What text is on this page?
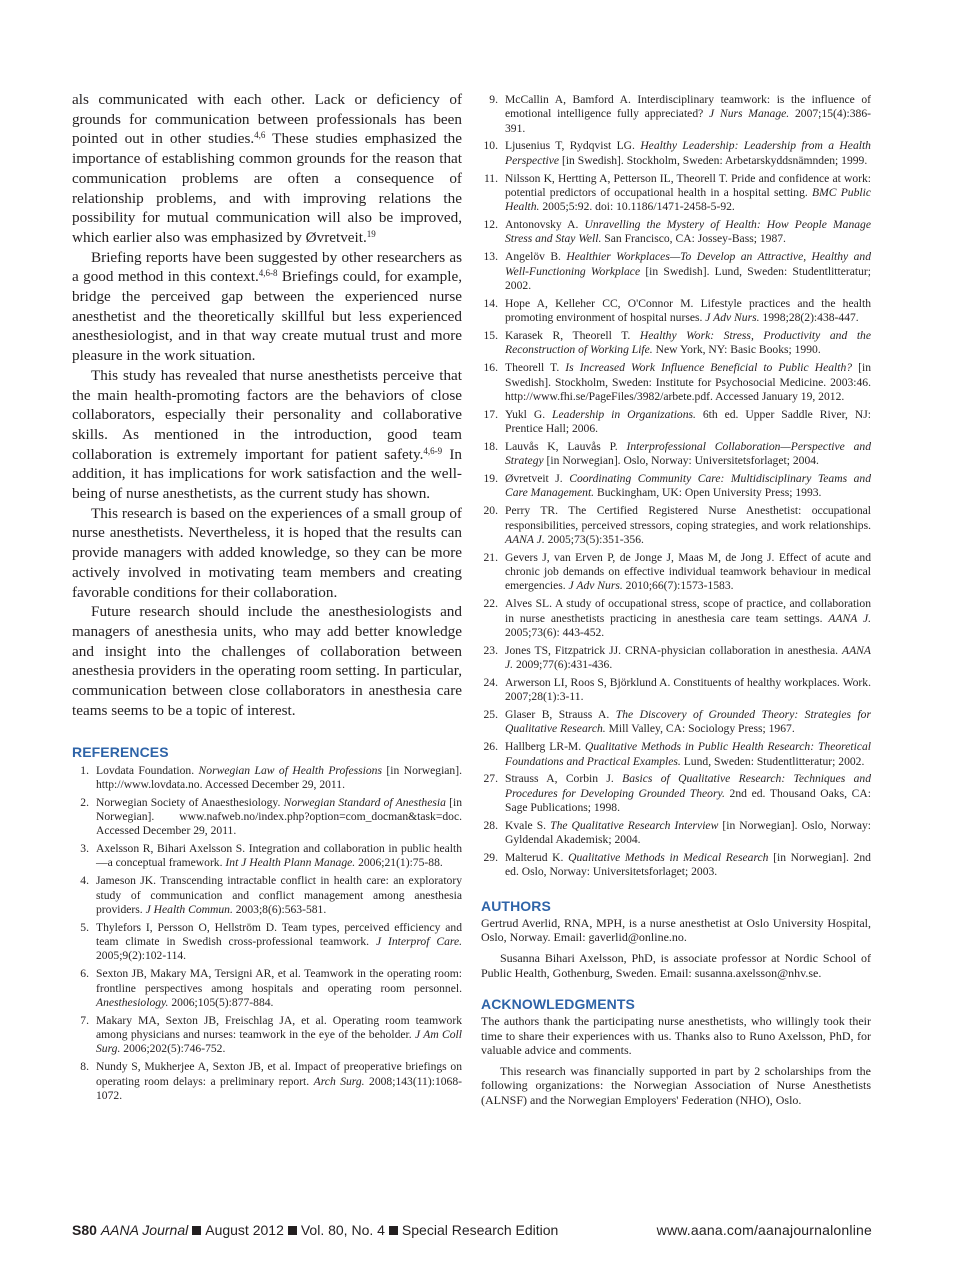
als communicated with each other. Lack or deficiency of grounds for communication between professionals has been pointed out in other studies.$^{4,6}$ These studies emphasized the importance of establishing common grounds for the reason that communication problems are often a consequence of relationship problems, and with improving relations the possibility for mutual communication will also be improved, which earlier also was emphasized by Øvretveit.$^{19}$

Briefing reports have been suggested by other researchers as a good method in this context.$^{4,6-8}$ Briefings could, for example, bridge the perceived gap between the experienced nurse anesthetist and the theoretically skillful but less experienced anesthesiologist, and in that way create mutual trust and more pleasure in the work situation.

This study has revealed that nurse anesthetists perceive that the main health-promoting factors are the behaviors of close collaborators, especially their personality and collaborative skills. As mentioned in the introduction, good team collaboration is extremely important for patient safety.$^{4,6-9}$ In addition, it has implications for work satisfaction and the well-being of nurse anesthetists, as the current study has shown.

This research is based on the experiences of a small group of nurse anesthetists. Nevertheless, it is hoped that the results can provide managers with added knowledge, so they can be more actively involved in motivating team members and creating favorable conditions for their collaboration.

Future research should include the anesthesiologists and managers of anesthesia units, who may add better knowledge and insight into the challenges of collaboration between anesthesia providers in the operating room setting. In particular, communication between close collaborators in anesthesia care teams seems to be a topic of interest.

REFERENCES
1. Lovdata Foundation. Norwegian Law of Health Professions [in Norwegian]. http://www.lovdata.no. Accessed December 29, 2011.
2. Norwegian Society of Anaesthesiology. Norwegian Standard of Anesthesia [in Norwegian]. www.nafweb.no/index.php?option=com_docman&task=doc. Accessed December 29, 2011.
3. Axelsson R, Bihari Axelsson S. Integration and collaboration in public health—a conceptual framework. Int J Health Plann Manage. 2006;21(1):75-88.
4. Jameson JK. Transcending intractable conflict in health care: an exploratory study of communication and conflict management among anesthesia providers. J Health Commun. 2003;8(6):563-581.
5. Thylefors I, Persson O, Hellström D. Team types, perceived efficiency and team climate in Swedish cross-professional teamwork. J Interprof Care. 2005;9(2):102-114.
6. Sexton JB, Makary MA, Tersigni AR, et al. Teamwork in the operating room: frontline perspectives among hospitals and operating room personnel. Anesthesiology. 2006;105(5):877-884.
7. Makary MA, Sexton JB, Freischlag JA, et al. Operating room teamwork among physicians and nurses: teamwork in the eye of the beholder. J Am Coll Surg. 2006;202(5):746-752.
8. Nundy S, Mukherjee A, Sexton JB, et al. Impact of preoperative briefings on operating room delays: a preliminary report. Arch Surg. 2008;143(11):1068-1072.
9. McCallin A, Bamford A. Interdisciplinary teamwork: is the influence of emotional intelligence fully appreciated? J Nurs Manage. 2007;15(4):386-391.
10. Ljusenius T, Rydqvist LG. Healthy Leadership: Leadership from a Health Perspective [in Swedish]. Stockholm, Sweden: Arbetarskyddsnämnden; 1999.
11. Nilsson K, Hertting A, Petterson IL, Theorell T. Pride and confidence at work: potential predictors of occupational health in a hospital setting. BMC Public Health. 2005;5:92. doi: 10.1186/1471-2458-5-92.
12. Antonovsky A. Unravelling the Mystery of Health: How People Manage Stress and Stay Well. San Francisco, CA: Jossey-Bass; 1987.
13. Angelöv B. Healthier Workplaces—To Develop an Attractive, Healthy and Well-Functioning Workplace [in Swedish]. Lund, Sweden: Studentlitteratur; 2002.
14. Hope A, Kelleher CC, O'Connor M. Lifestyle practices and the health promoting environment of hospital nurses. J Adv Nurs. 1998;28(2):438-447.
15. Karasek R, Theorell T. Healthy Work: Stress, Productivity and the Reconstruction of Working Life. New York, NY: Basic Books; 1990.
16. Theorell T. Is Increased Work Influence Beneficial to Public Health? [in Swedish]. Stockholm, Sweden: Institute for Psychosocial Medicine. 2003:46. http://www.fhi.se/PageFiles/3982/arbete.pdf. Accessed January 19, 2012.
17. Yukl G. Leadership in Organizations. 6th ed. Upper Saddle River, NJ: Prentice Hall; 2006.
18. Lauvås K, Lauvås P. Interprofessional Collaboration—Perspective and Strategy [in Norwegian]. Oslo, Norway: Universitetsforlaget; 2004.
19. Øvretveit J. Coordinating Community Care: Multidisciplinary Teams and Care Management. Buckingham, UK: Open University Press; 1993.
20. Perry TR. The Certified Registered Nurse Anesthetist: occupational responsibilities, perceived stressors, coping strategies, and work relationships. AANA J. 2005;73(5):351-356.
21. Gevers J, van Erven P, de Jonge J, Maas M, de Jong J. Effect of acute and chronic job demands on effective individual teamwork behaviour in medical emergencies. J Adv Nurs. 2010;66(7):1573-1583.
22. Alves SL. A study of occupational stress, scope of practice, and collaboration in nurse anesthetists practicing in anesthesia care team settings. AANA J. 2005;73(6): 443-452.
23. Jones TS, Fitzpatrick JJ. CRNA-physician collaboration in anesthesia. AANA J. 2009;77(6):431-436.
24. Arwerson LI, Roos S, Björklund A. Constituents of healthy workplaces. Work. 2007;28(1):3-11.
25. Glaser B, Strauss A. The Discovery of Grounded Theory: Strategies for Qualitative Research. Mill Valley, CA: Sociology Press; 1967.
26. Hallberg LR-M. Qualitative Methods in Public Health Research: Theoretical Foundations and Practical Examples. Lund, Sweden: Studentlitteratur; 2002.
27. Strauss A, Corbin J. Basics of Qualitative Research: Techniques and Procedures for Developing Grounded Theory. 2nd ed. Thousand Oaks, CA: Sage Publications; 1998.
28. Kvale S. The Qualitative Research Interview [in Norwegian]. Oslo, Norway: Gyldendal Akademisk; 2004.
29. Malterud K. Qualitative Methods in Medical Research [in Norwegian]. 2nd ed. Oslo, Norway: Universitetsforlaget; 2003.
AUTHORS

Gertrud Averlid, RNA, MPH, is a nurse anesthetist at Oslo University Hospital, Oslo, Norway. Email: gaverlid@online.no.

Susanna Bihari Axelsson, PhD, is associate professor at Nordic School of Public Health, Gothenburg, Sweden. Email: susanna.axelsson@nhv.se.

ACKNOWLEDGMENTS

The authors thank the participating nurse anesthetists, who willingly took their time to share their experiences with us. Thanks also to Runo Axelsson, PhD, for valuable advice and comments.

This research was financially supported in part by 2 scholarships from the following organizations: the Norwegian Association of Nurse Anesthetists (ALNSF) and the Norwegian Employers' Federation (NHO), Oslo.

S80 AANA Journal August 2012 Vol. 80, No. 4 Special Research Edition	www.aana.com/aanajournalonline
